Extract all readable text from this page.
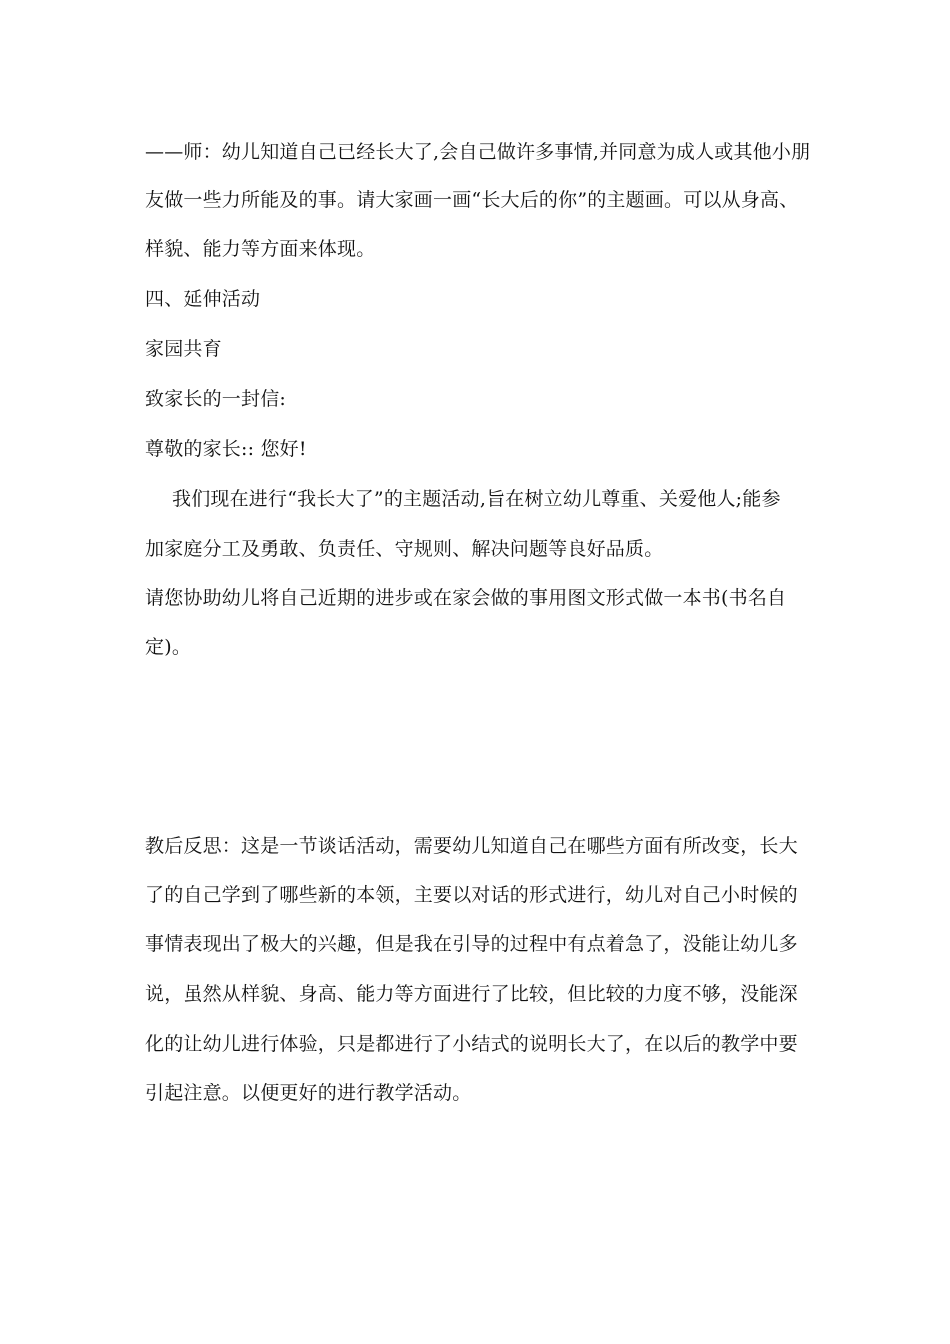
——师：幼儿知道自己已经长大了,会自己做许多事情,并同意为成人或其他小朋
友做一些力所能及的事。请大家画一画“长大后的你”的主题画。可以从身高、
样貌、能力等方面来体现。
四、延伸活动
家园共育
致家长的一封信:
尊敬的家长:: 您好!
我们现在进行“我长大了”的主题活动,旨在树立幼儿尊重、关爱他人;能参
加家庭分工及勇敢、负责任、守规则、解决问题等良好品质。
请您协助幼儿将自己近期的进步或在家会做的事用图文形式做一本书(书名自
定)。
教后反思：这是一节谈话活动，需要幼儿知道自己在哪些方面有所改变，长大
了的自己学到了哪些新的本领，主要以对话的形式进行，幼儿对自己小时候的
事情表现出了极大的兴趣，但是我在引导的过程中有点着急了，没能让幼儿多
说，虽然从样貌、身高、能力等方面进行了比较，但比较的力度不够，没能深
化的让幼儿进行体验，只是都进行了小结式的说明长大了，在以后的教学中要
引起注意。以便更好的进行教学活动。
